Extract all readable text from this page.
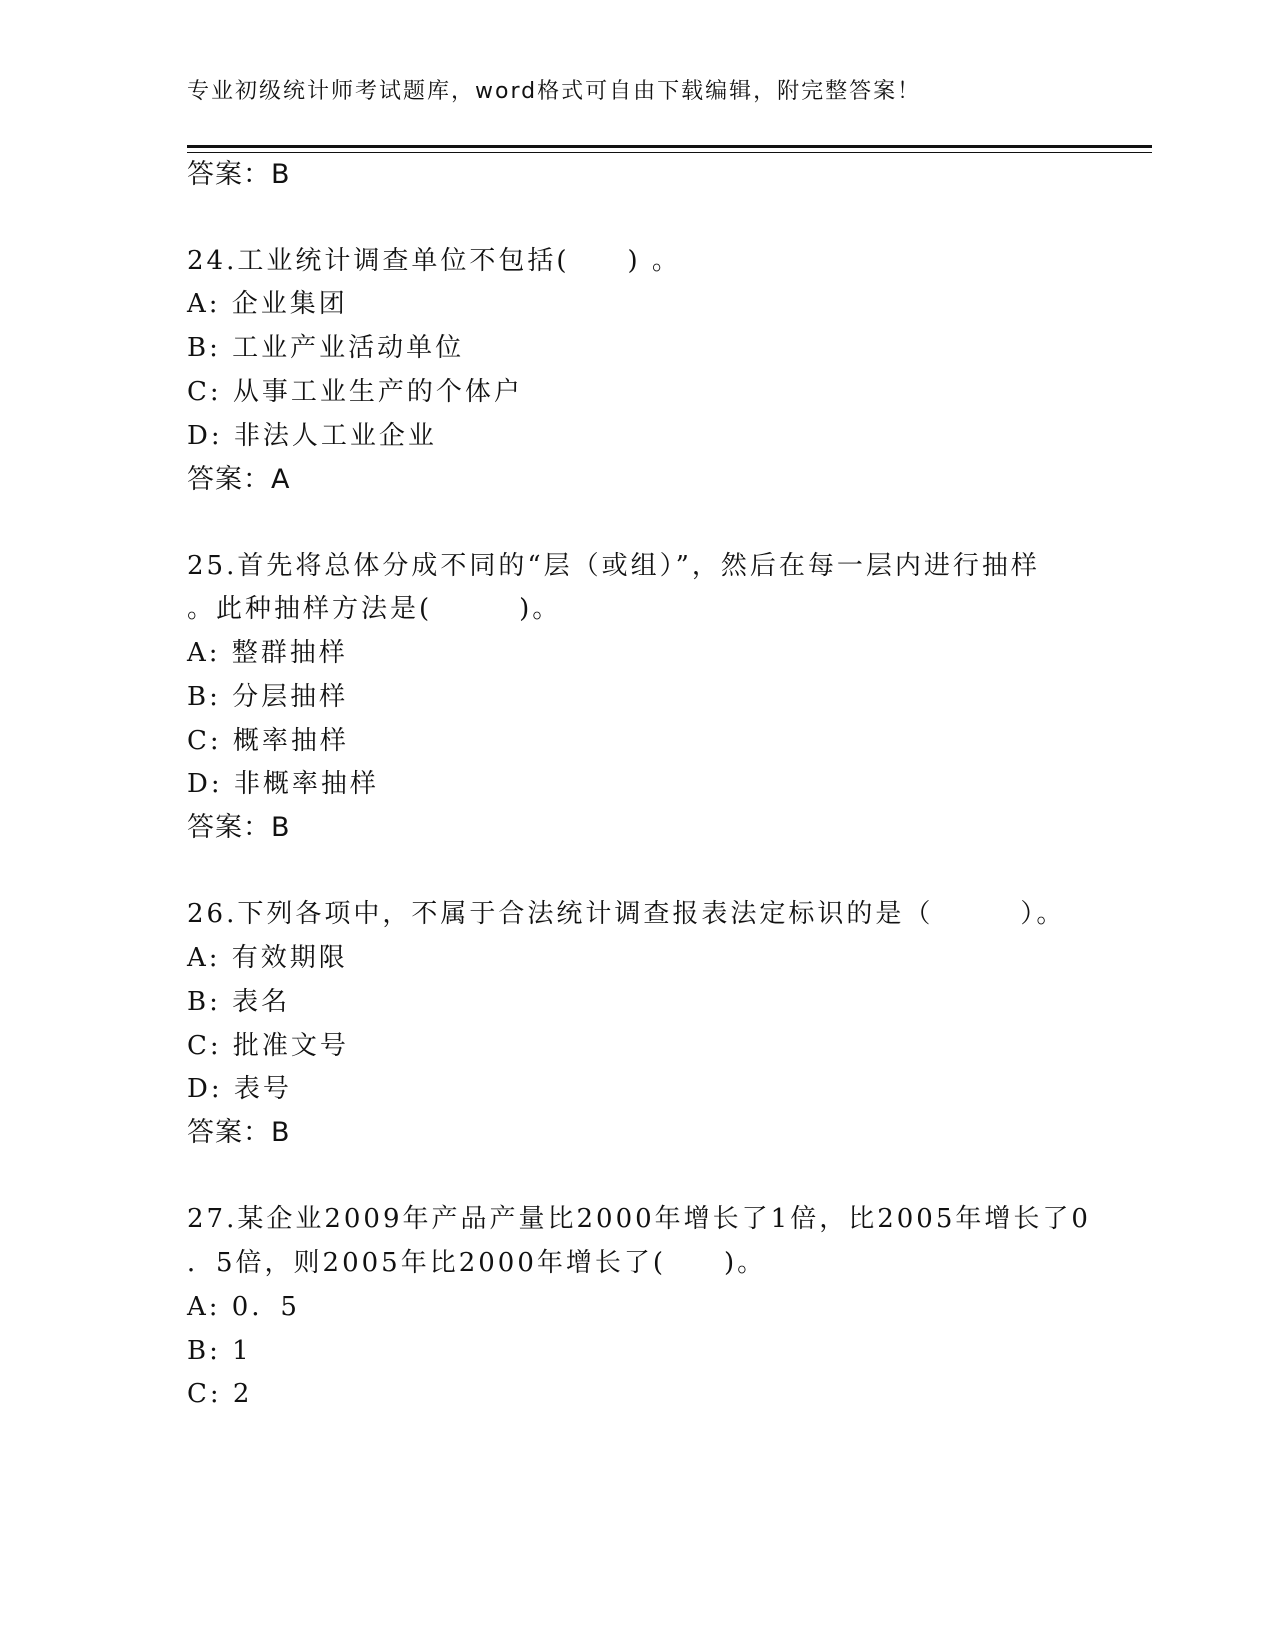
专业初级统计师考试题库，word格式可自由下载编辑，附完整答案！
答案：B
24.工业统计调查单位不包括(　　) 。
A: 企业集团
B: 工业产业活动单位
C: 从事工业生产的个体户
D: 非法人工业企业
答案：A
25.首先将总体分成不同的“层（或组）”，然后在每一层内进行抽样
。此种抽样方法是(　　　)。
A: 整群抽样
B: 分层抽样
C: 概率抽样
D: 非概率抽样
答案：B
26.下列各项中，不属于合法统计调查报表法定标识的是（　　　）。
A: 有效期限
B: 表名
C: 批准文号
D: 表号
答案：B
27.某企业2009年产品产量比2000年增长了1倍，比2005年增长了0
．5倍，则2005年比2000年增长了(　　)。
A: 0．5
B: 1
C: 2
